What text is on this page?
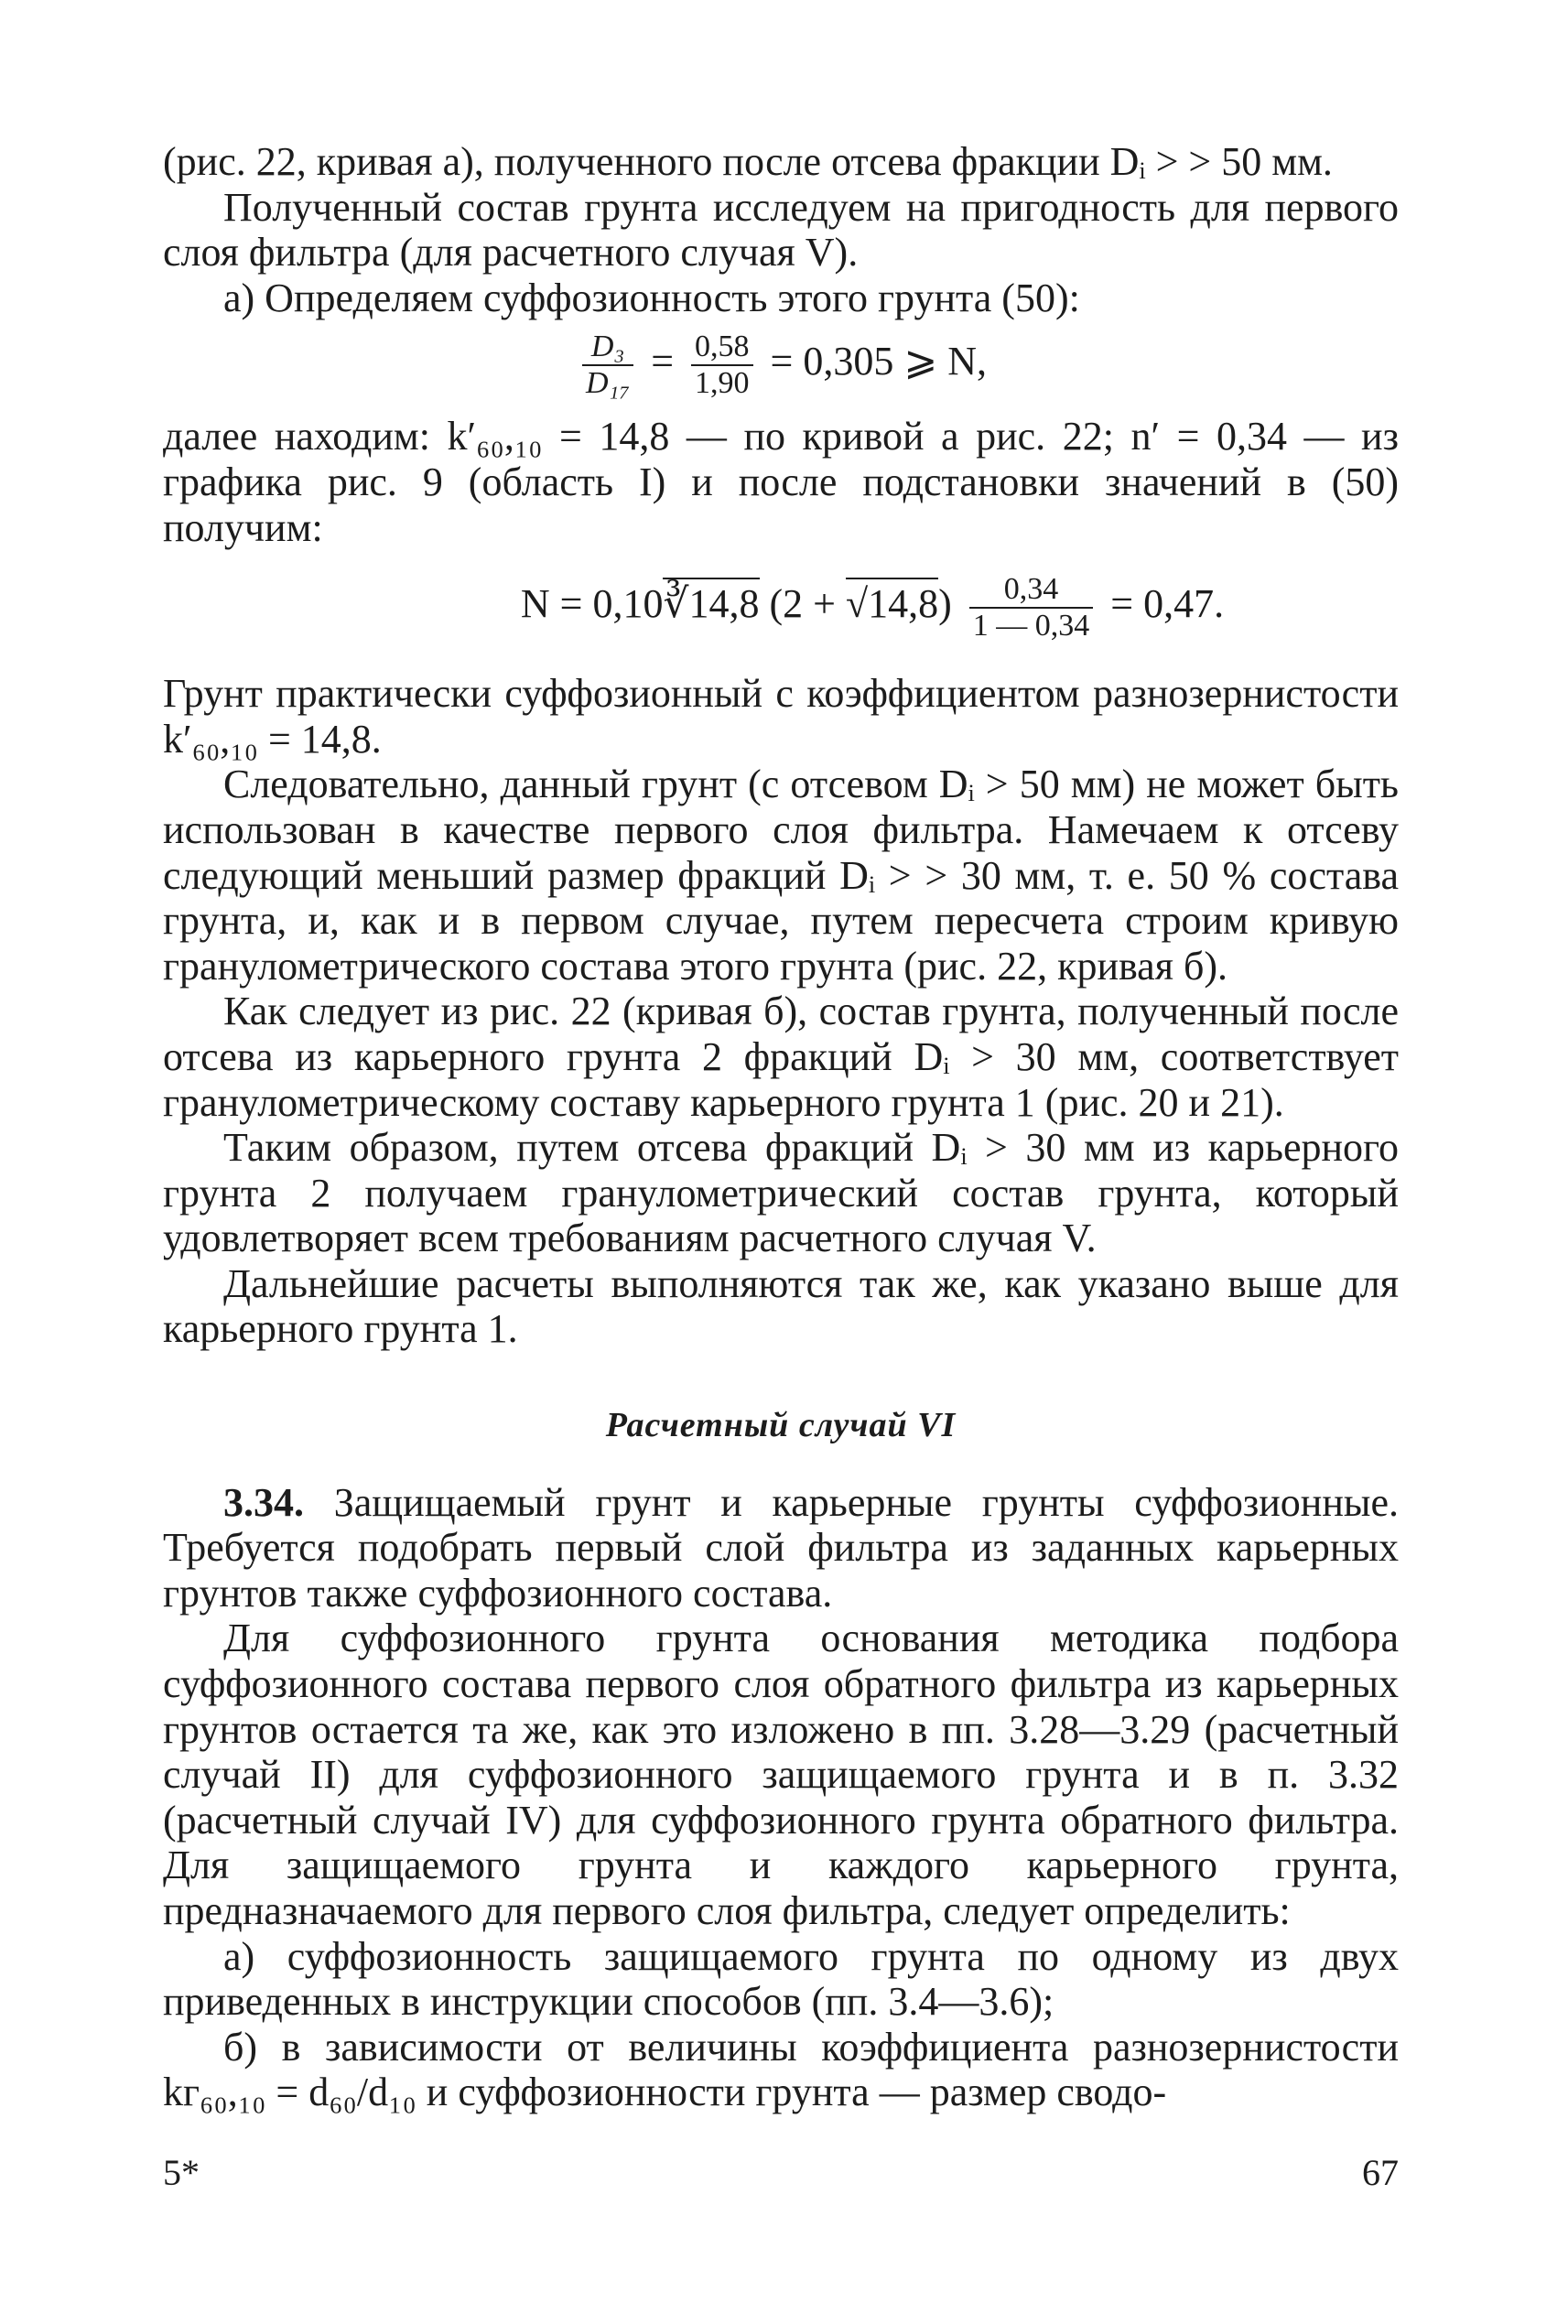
(рис. 22, кривая а), полученного после отсева фракции Dᵢ > > 50 мм.

Полученный состав грунта исследуем на пригодность для первого слоя фильтра (для расчетного случая V).

а) Определяем суффозионность этого грунта (50):

$\frac{\text{D₃}}{\text{D₁₇}} = \frac{0,58}{1,90} = 0,305$ ⩾ N,

далее находим: k′₆₀,₁₀ = 14,8 — по кривой а рис. 22; n′ = 0,34 — из графика рис. 9 (область I) и после подстановки значений в (50) получим:

N = 0,10∛14,8 $(2 + √14,8) \frac{0,34}{1 — 0,34} = 0,47$.

Грунт практически суффозионный с коэффициентом разнозернистости k′₆₀,₁₀ = 14,8.

Следовательно, данный грунт (с отсевом Dᵢ > 50 мм) не может быть использован в качестве первого слоя фильтра. Намечаем к отсеву следующий меньший размер фракций Dᵢ > > 30 мм, т. е. 50 % состава грунта, и, как и в первом случае, путем пересчета строим кривую гранулометрического состава этого грунта (рис. 22, кривая б).

Как следует из рис. 22 (кривая б), состав грунта, полученный после отсева из карьерного грунта 2 фракций Dᵢ > 30 мм, соответствует гранулометрическому составу карьерного грунта 1 (рис. 20 и 21).

Таким образом, путем отсева фракций Dᵢ > 30 мм из карьерного грунта 2 получаем гранулометрический состав грунта, который удовлетворяет всем требованиям расчетного случая V.

Дальнейшие расчеты выполняются так же, как указано выше для карьерного грунта 1.

Расчетный случай VI

3.34. Защищаемый грунт и карьерные грунты суффозионные. Требуется подобрать первый слой фильтра из заданных карьерных грунтов также суффозионного состава.

Для суффозионного грунта основания методика подбора суффозионного состава первого слоя обратного фильтра из карьерных грунтов остается та же, как это изложено в пп. 3.28—3.29 (расчетный случай II) для суффозионного защищаемого грунта и в п. 3.32 (расчетный случай IV) для суффозионного грунта обратного фильтра. Для защищаемого грунта и каждого карьерного грунта, предназначаемого для первого слоя фильтра, следует определить:

а) суффозионность защищаемого грунта по одному из двух приведенных в инструкции способов (пп. 3.4—3.6);

б) в зависимости от величины коэффициента разнозернистости kᴦ₆₀,₁₀ = d₆₀/d₁₀ и суффозионности грунта — размер сводо-

5*	67
